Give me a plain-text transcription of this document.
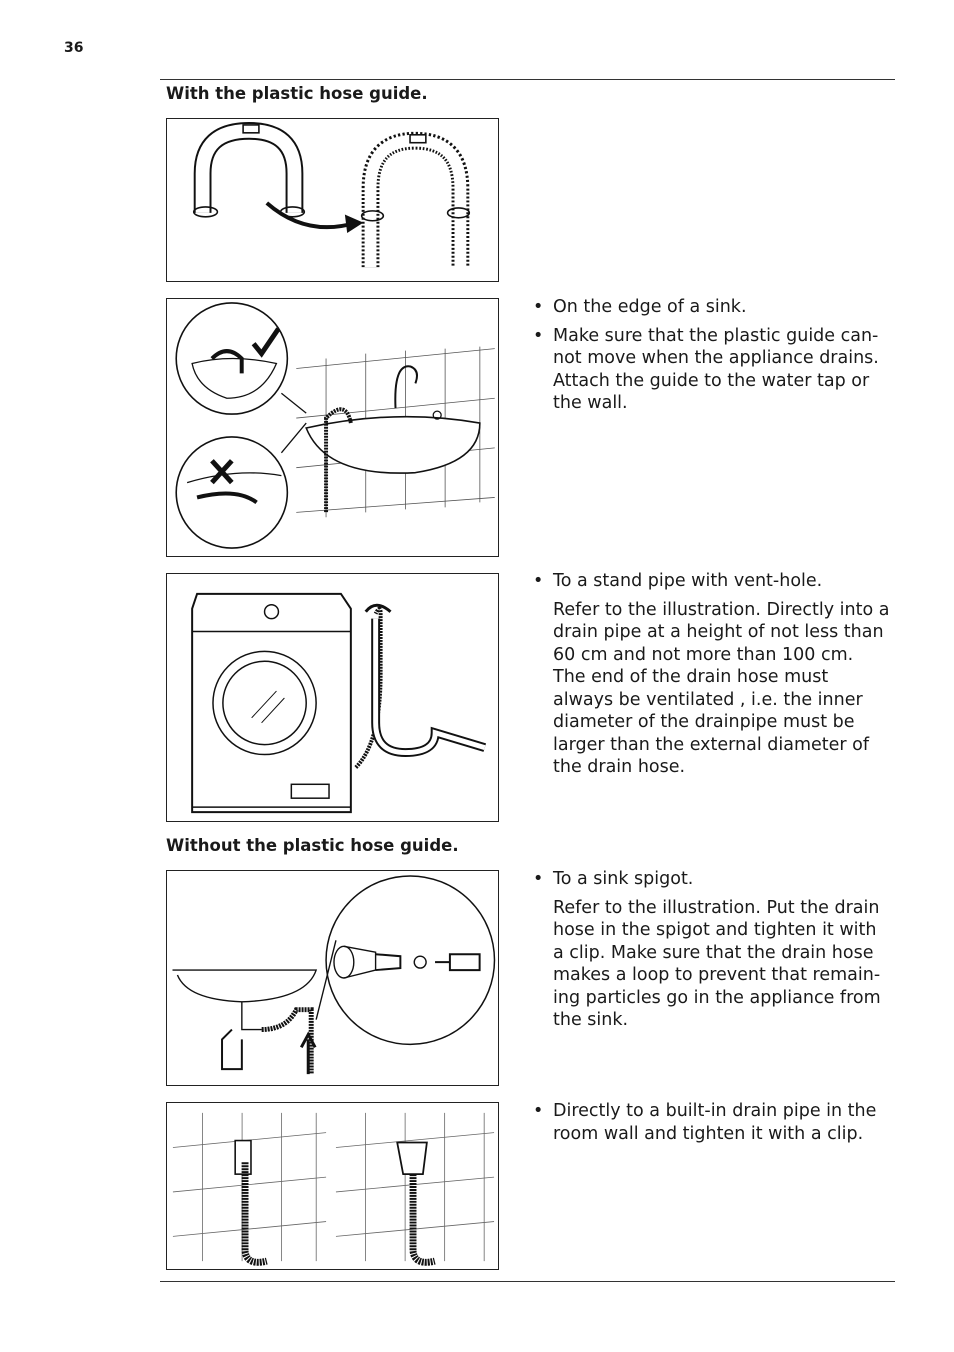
36
With the plastic hose guide.
• On the edge of a sink.
• Make sure that the plastic guide can-not move when the appliance drains. Attach the guide to the water tap or the wall.
• To a stand pipe with vent-hole.
Refer to the illustration. Directly into a drain pipe at a height of not less than 60 cm and not more than 100 cm. The end of the drain hose must always be ventilated , i.e. the inner diameter of the drainpipe must be larger than the external diameter of the drain hose.
Without the plastic hose guide.
• To a sink spigot.
Refer to the illustration. Put the drain hose in the spigot and tighten it with a clip. Make sure that the drain hose makes a loop to prevent that remain-ing particles go in the appliance from the sink.
• Directly to a built-in drain pipe in the room wall and tighten it with a clip.
